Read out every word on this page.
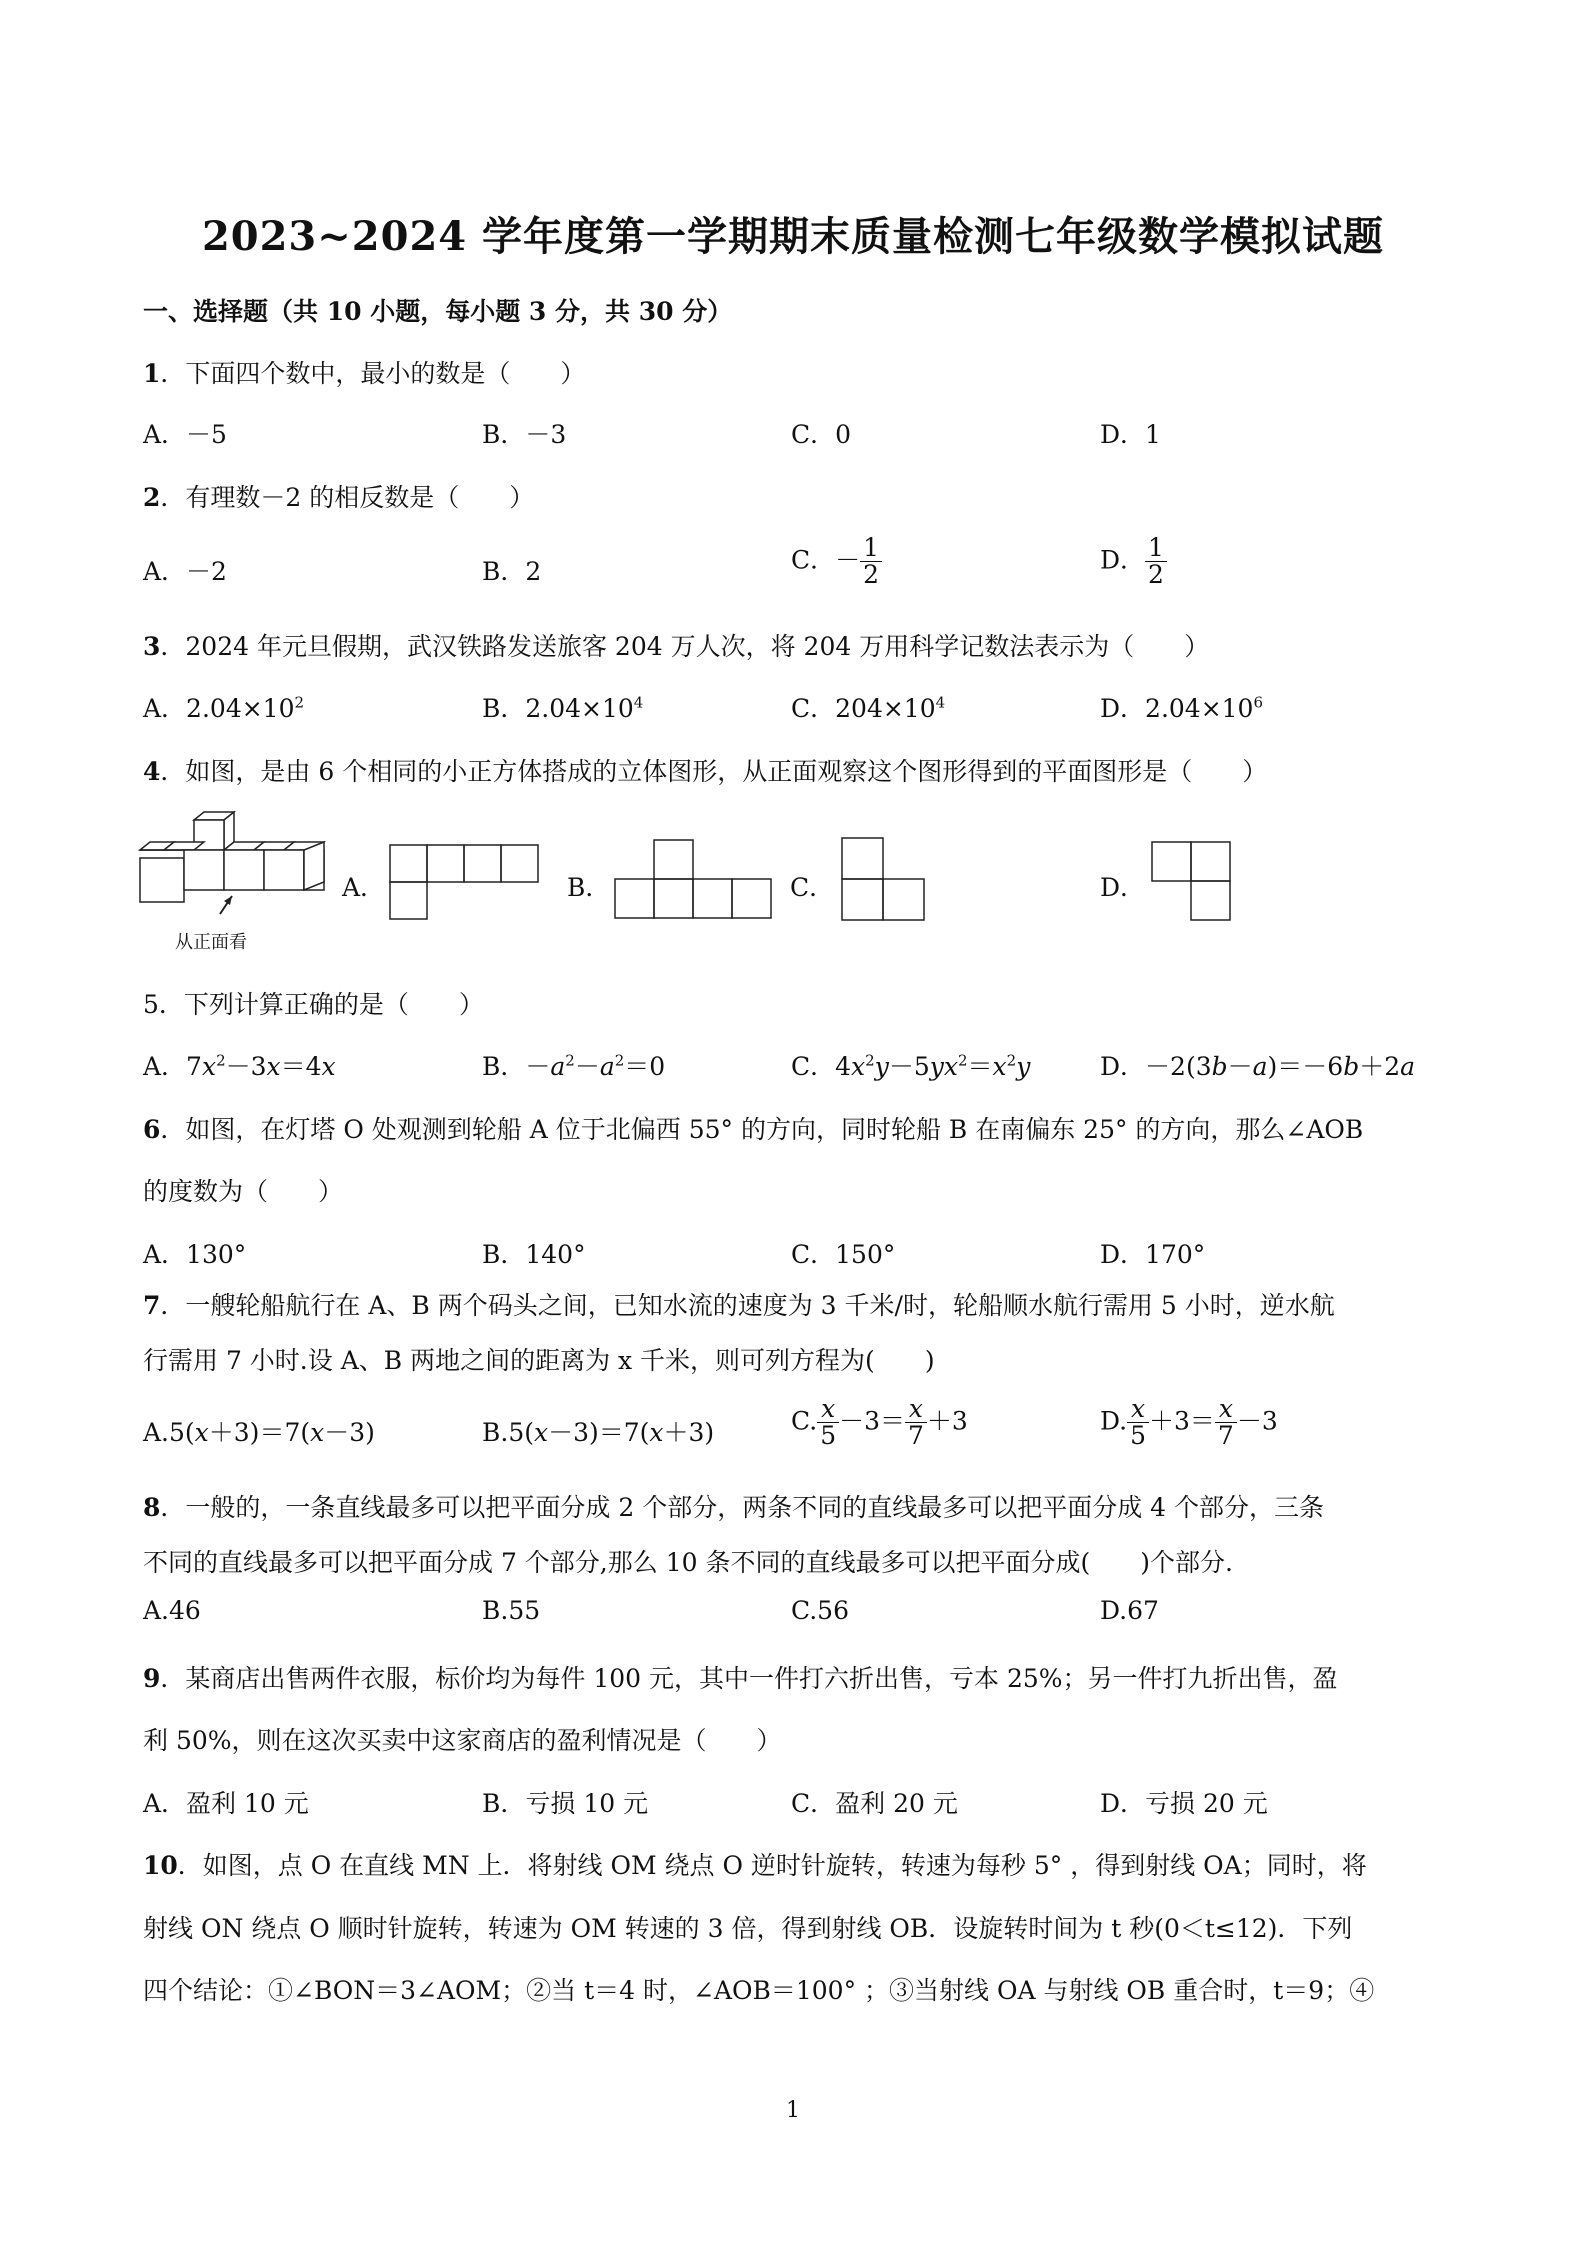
2023~2024 学年度第一学期期末质量检测七年级数学模拟试题
一、选择题（共 10 小题，每小题 3 分，共 30 分）
1．下面四个数中，最小的数是（　　）
A．－5	B．－3	C．0	D．1
2．有理数－2 的相反数是（　　）
A．－2	B．2	C．－ $\frac{1}{2}$	D． $\frac{1}{2}$
3．2024 年元旦假期，武汉铁路发送旅客 204 万人次，将 204 万用科学记数法表示为（　　）
A．$2.04\times 10^2$	B．$2.04\times 10^4$	C．$204\times 10^4$	D．$2.04\times 10^6$
4．如图，是由 6 个相同的小正方体搭成的立体图形，从正面观察这个图形得到的平面图形是（　　）
从正面看
A．	B．	C．	D．
5．下列计算正确的是（　　）
A．$7x^2-3x=4x$	B．$-a^2-a^2=0$	C．$4x^2y-5yx^2=x^2y$	D．－2(3b－a)＝－6b＋2a
6．如图，在灯塔 O 处观测到轮船 A 位于北偏西 55° 的方向，同时轮船 B 在南偏东 25° 的方向，那么∠AOB
的度数为（　　）
A．130°	B．140°	C．150°	D．170°
7．一艘轮船航行在 A、B 两个码头之间，已知水流的速度为 3 千米/时，轮船顺水航行需用 5 小时，逆水航
行需用 7 小时.设 A、B 两地之间的距离为 x 千米，则可列方程为(　　)
A.5(x＋3)＝7(x－3)	B.5(x－3)＝7(x＋3)	C. $\frac{x}{5} -3= \frac{x}{7} +3$	D. $\frac{x}{5} +3= \frac{x}{7} -3$
8．一般的，一条直线最多可以把平面分成 2 个部分，两条不同的直线最多可以把平面分成 4 个部分，三条
不同的直线最多可以把平面分成 7 个部分,那么 10 条不同的直线最多可以把平面分成(　　)个部分.
A.46	B.55	C.56	D.67
9．某商店出售两件衣服，标价均为每件 100 元，其中一件打六折出售，亏本 25%；另一件打九折出售，盈
利 50%，则在这次买卖中这家商店的盈利情况是（　　）
A．盈利 10 元	B．亏损 10 元	C．盈利 20 元	D．亏损 20 元
10．如图，点 O 在直线 MN 上．将射线 OM 绕点 O 逆时针旋转，转速为每秒 5° ，得到射线 OA；同时，将
射线 ON 绕点 O 顺时针旋转，转速为 OM 转速的 3 倍，得到射线 OB．设旋转时间为 t 秒(0＜t≤12)．下列
四个结论：①∠BON＝3∠AOM；②当 t＝4 时，∠AOB＝100° ；③当射线 OA 与射线 OB 重合时，t＝9；④
1
